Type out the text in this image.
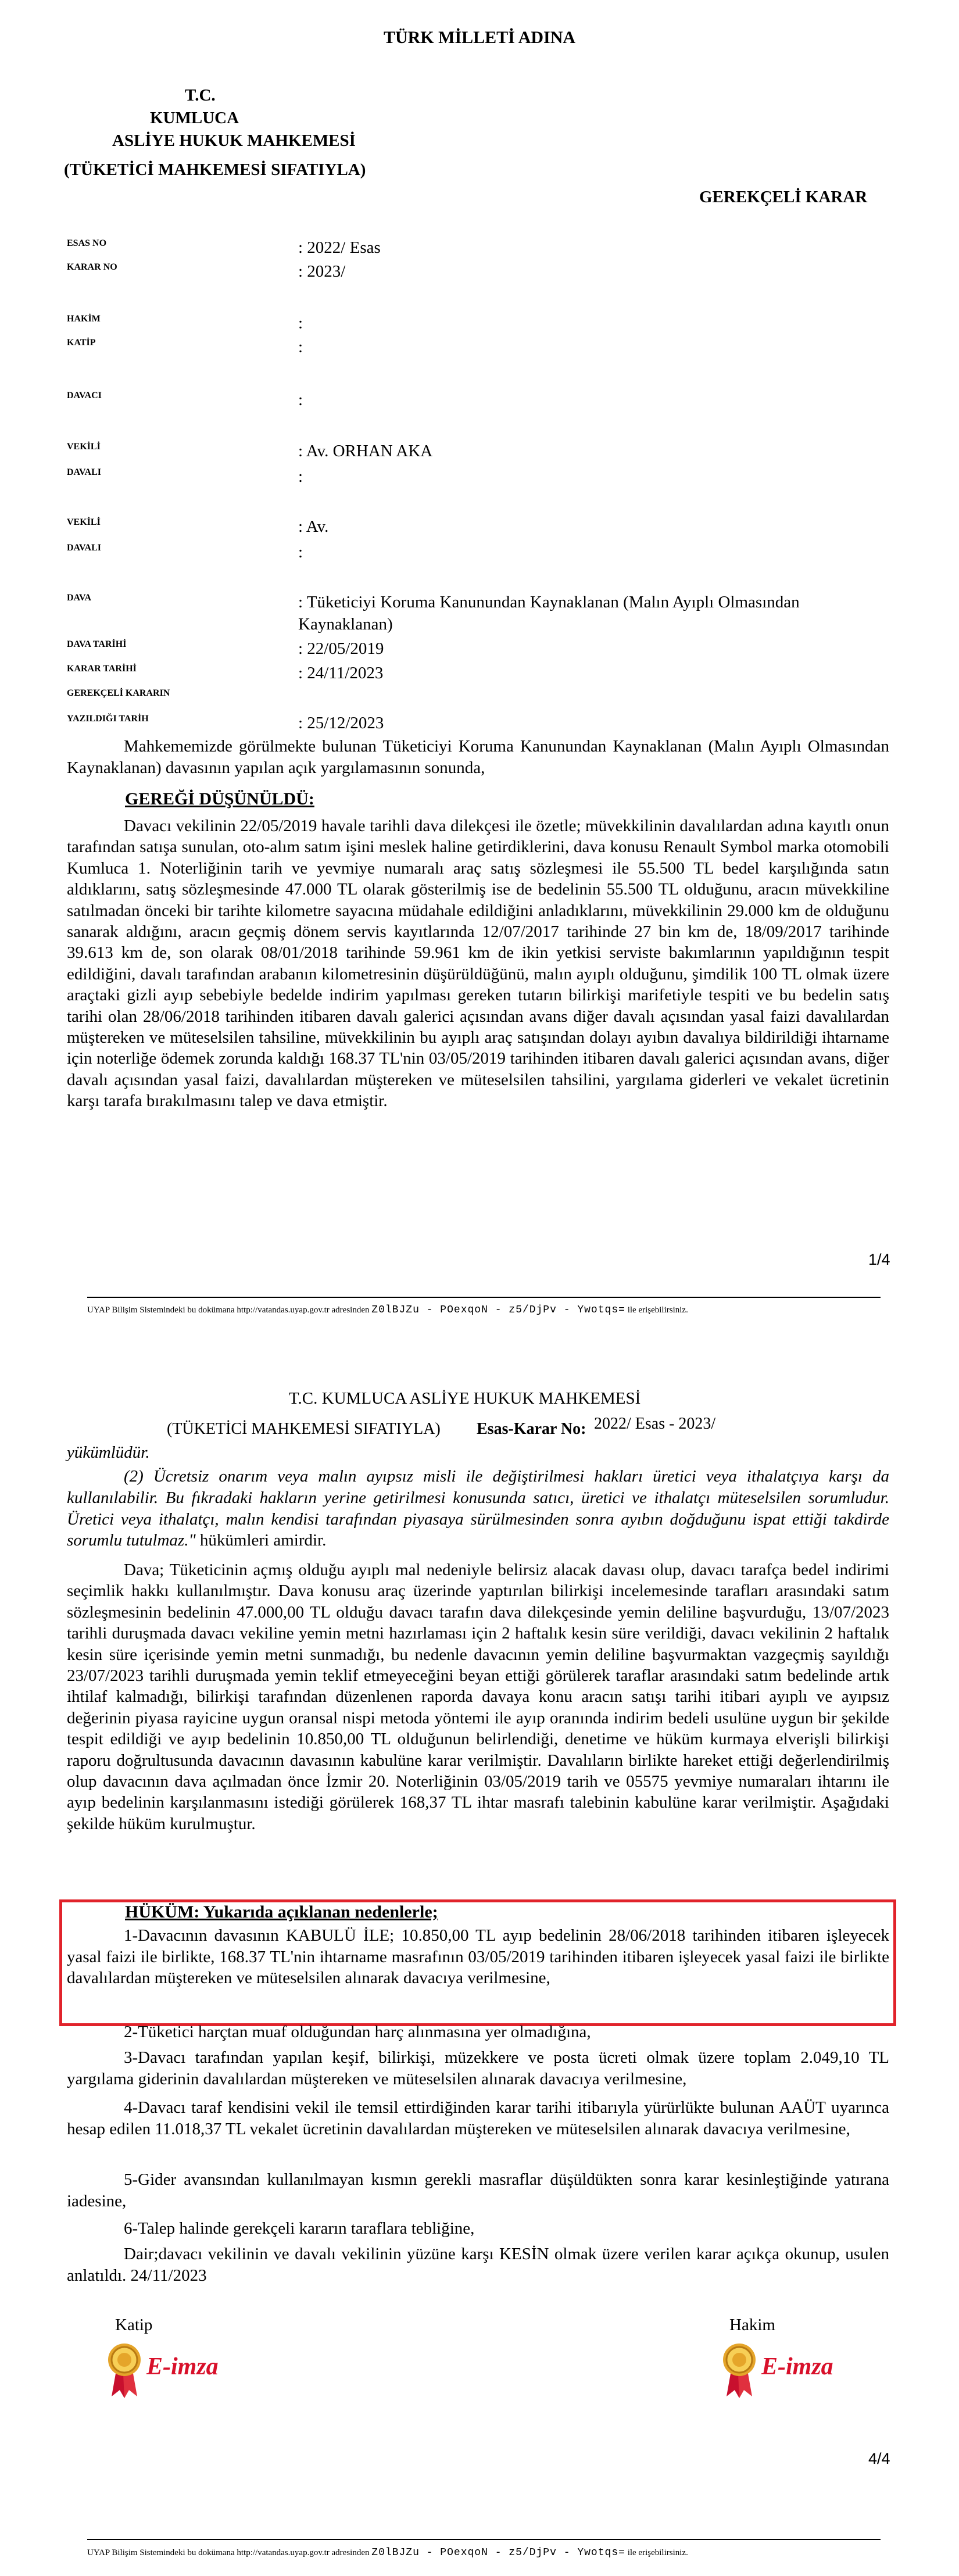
TÜRK MİLLETİ ADINA
T.C.
KUMLUCA
ASLİYE HUKUK MAHKEMESİ
(TÜKETİCİ MAHKEMESİ SIFATIYLA)
GEREKÇELİ KARAR
ESAS NO	: 2022/ Esas
KARAR NO	: 2023/
HAKİM	:
KATİP	:
DAVACI	:
VEKİLİ	: Av. ORHAN AKA
DAVALI	:
VEKİLİ	: Av.
DAVALI	:
DAVA	: Tüketiciyi Koruma Kanunundan Kaynaklanan (Malın Ayıplı Olmasından
Kaynaklanan)
DAVA TARİHİ	: 22/05/2019
KARAR TARİHİ	: 24/11/2023
GEREKÇELİ KARARIN
YAZILDIĞI TARİH	: 25/12/2023
Mahkememizde görülmekte bulunan Tüketiciyi Koruma Kanunundan Kaynaklanan (Malın Ayıplı Olmasından Kaynaklanan) davasının yapılan açık yargılamasının sonunda,
GEREĞİ DÜŞÜNÜLDÜ:
Davacı vekilinin 22/05/2019 havale tarihli dava dilekçesi ile özetle; müvekkilinin davalılardan adına kayıtlı onun tarafından satışa sunulan, oto-alım satım işini meslek haline getirdiklerini, dava konusu Renault Symbol marka otomobili Kumluca 1. Noterliğinin tarih ve yevmiye numaralı araç satış sözleşmesi ile 55.500 TL bedel karşılığında satın aldıklarını, satış sözleşmesinde 47.000 TL olarak gösterilmiş ise de bedelinin 55.500 TL olduğunu, aracın müvekkiline satılmadan önceki bir tarihte kilometre sayacına müdahale edildiğini anladıklarını, müvekkilinin 29.000 km de olduğunu sanarak aldığını, aracın geçmiş dönem servis kayıtlarında 12/07/2017 tarihinde 27 bin km de, 18/09/2017 tarihinde 39.613 km de, son olarak 08/01/2018 tarihinde 59.961 km de ikin yetkisi serviste bakımlarının yapıldığının tespit edildiğini, davalı tarafından arabanın kilometresinin düşürüldüğünü, malın ayıplı olduğunu, şimdilik 100 TL olmak üzere araçtaki gizli ayıp sebebiyle bedelde indirim yapılması gereken tutarın bilirkişi marifetiyle tespiti ve bu bedelin satış tarihi olan 28/06/2018 tarihinden itibaren davalı galerici açısından avans diğer davalı açısından yasal faizi davalılardan müştereken ve müteselsilen tahsiline, müvekkilinin bu ayıplı araç satışından dolayı ayıbın davalıya bildirildiği ihtarname için noterliğe ödemek zorunda kaldığı 168.37 TL'nin 03/05/2019 tarihinden itibaren davalı galerici açısından avans, diğer davalı açısından yasal faizi, davalılardan müştereken ve müteselsilen tahsilini, yargılama giderleri ve vekalet ücretinin karşı tarafa bırakılmasını talep ve dava etmiştir.
1/4
UYAP Bilişim Sistemindeki bu dokümana http://vatandas.uyap.gov.tr adresinden Z0lBJZu - POexqoN - z5/DjPv - Ywotqs= ile erişebilirsiniz.
T.C. KUMLUCA ASLİYE HUKUK MAHKEMESİ
(TÜKETİCİ MAHKEMESİ SIFATIYLA) Esas-Karar No: 2022/ Esas - 2023/
yükümlüdür.
(2) Ücretsiz onarım veya malın ayıpsız misli ile değiştirilmesi hakları üretici veya ithalatçıya karşı da kullanılabilir. Bu fıkradaki hakların yerine getirilmesi konusunda satıcı, üretici ve ithalatçı müteselsilen sorumludur. Üretici veya ithalatçı, malın kendisi tarafından piyasaya sürülmesinden sonra ayıbın doğduğunu ispat ettiği takdirde sorumlu tutulmaz." hükümleri amirdir.
Dava; Tüketicinin açmış olduğu ayıplı mal nedeniyle belirsiz alacak davası olup, davacı tarafça bedel indirimi seçimlik hakkı kullanılmıştır. Dava konusu araç üzerinde yaptırılan bilirkişi incelemesinde tarafları arasındaki satım sözleşmesinin bedelinin 47.000,00 TL olduğu davacı tarafın dava dilekçesinde yemin deliline başvurduğu, 13/07/2023 tarihli duruşmada davacı vekiline yemin metni hazırlaması için 2 haftalık kesin süre verildiği, davacı vekilinin 2 haftalık kesin süre içerisinde yemin metni sunmadığı, bu nedenle davacının yemin deliline başvurmaktan vazgeçmiş sayıldığı 23/07/2023 tarihli duruşmada yemin teklif etmeyeceğini beyan ettiği görülerek taraflar arasındaki satım bedelinde artık ihtilaf kalmadığı, bilirkişi tarafından düzenlenen raporda davaya konu aracın satışı tarihi itibari ayıplı ve ayıpsız değerinin piyasa rayicine uygun oransal nispi metoda yöntemi ile ayıp oranında indirim bedeli usulüne uygun bir şekilde tespit edildiği ve ayıp bedelinin 10.850,00 TL olduğunun belirlendiği, denetime ve hüküm kurmaya elverişli bilirkişi raporu doğrultusunda davacının davasının kabulüne karar verilmiştir. Davalıların birlikte hareket ettiği değerlendirilmiş olup davacının dava açılmadan önce İzmir 20. Noterliğinin 03/05/2019 tarih ve 05575 yevmiye numaraları ihtarını ile ayıp bedelinin karşılanmasını istediği görülerek 168,37 TL ihtar masrafı talebinin kabulüne karar verilmiştir. Aşağıdaki şekilde hüküm kurulmuştur.
HÜKÜM: Yukarıda açıklanan nedenlerle;
1-Davacının davasının KABULÜ İLE; 10.850,00 TL ayıp bedelinin 28/06/2018 tarihinden itibaren işleyecek yasal faizi ile birlikte, 168.37 TL'nin ihtarname masrafının 03/05/2019 tarihinden itibaren işleyecek yasal faizi ile birlikte davalılardan müştereken ve müteselsilen alınarak davacıya verilmesine,
2-Tüketici harçtan muaf olduğundan harç alınmasına yer olmadığına,
3-Davacı tarafından yapılan keşif, bilirkişi, müzekkere ve posta ücreti olmak üzere toplam 2.049,10 TL yargılama giderinin davalılardan müştereken ve müteselsilen alınarak davacıya verilmesine,
4-Davacı taraf kendisini vekil ile temsil ettirdiğinden karar tarihi itibarıyla yürürlükte bulunan AAÜT uyarınca hesap edilen 11.018,37 TL vekalet ücretinin davalılardan müştereken ve müteselsilen alınarak davacıya verilmesine,
5-Gider avansından kullanılmayan kısmın gerekli masraflar düşüldükten sonra karar kesinleştiğinde yatırana iadesine,
6-Talep halinde gerekçeli kararın taraflara tebliğine,
Dair;davacı vekilinin ve davalı vekilinin yüzüne karşı KESİN olmak üzere verilen karar açıkça okunup, usulen anlatıldı. 24/11/2023
Katip	Hakim
E-imza	E-imza
4/4
UYAP Bilişim Sistemindeki bu dokümana http://vatandas.uyap.gov.tr adresinden Z0lBJZu - POexqoN - z5/DjPv - Ywotqs= ile erişebilirsiniz.
